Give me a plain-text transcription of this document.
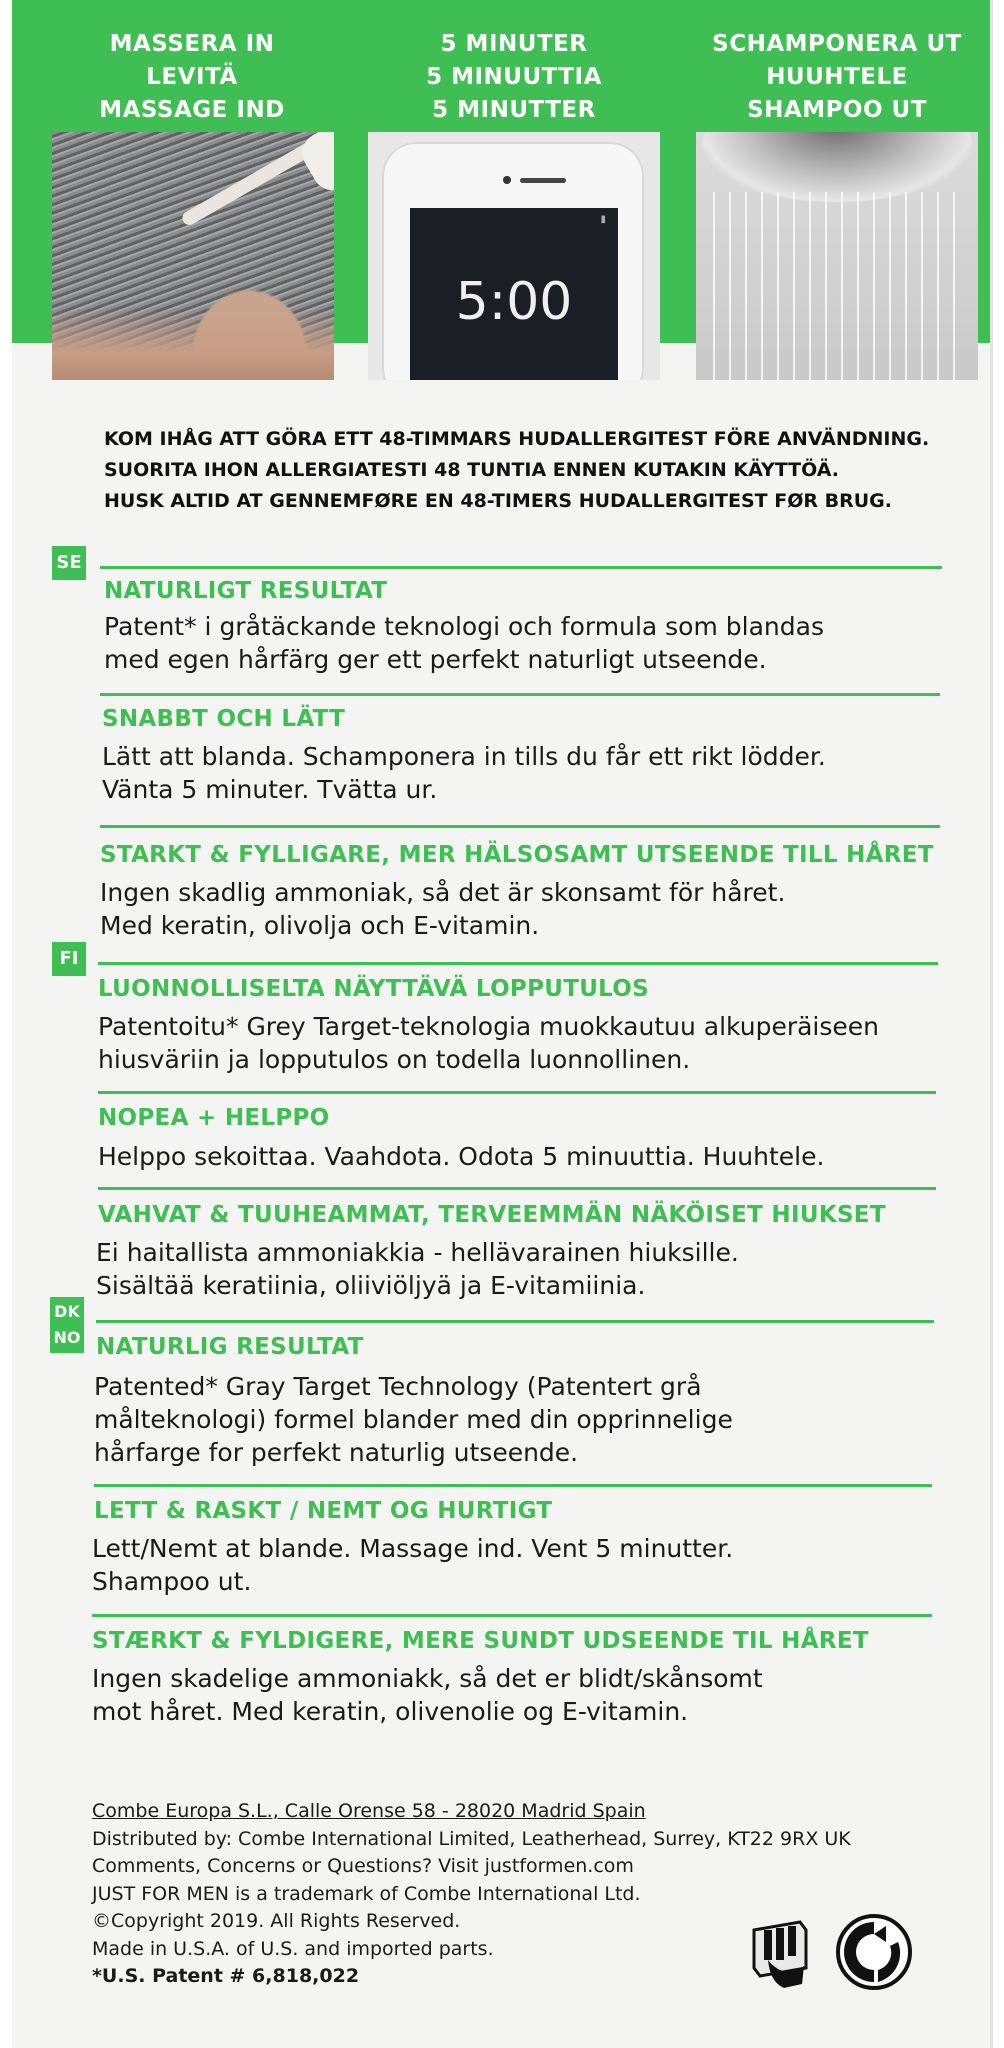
MASSERA IN
LEVITÄ
MASSAGE IND
5 MINUTER
5 MINUUTTIA
5 MINUTTER
SCHAMPONERA UT
HUUHTELE
SHAMPOO UT
▮
5:00
KOM IHÅG ATT GÖRA ETT 48-TIMMARS HUDALLERGITEST FÖRE ANVÄNDNING.
SUORITA IHON ALLERGIATESTI 48 TUNTIA ENNEN KUTAKIN KÄYTTÖÄ.
HUSK ALTID AT GENNEMFØRE EN 48-TIMERS HUDALLERGITEST FØR BRUG.
SE
NATURLIGT RESULTAT
Patent* i gråtäckande teknologi och formula som blandas
med egen hårfärg ger ett perfekt naturligt utseende.
SNABBT OCH LÄTT
Lätt att blanda. Schamponera in tills du får ett rikt lödder.
Vänta 5 minuter. Tvätta ur.
STARKT & FYLLIGARE, MER HÄLSOSAMT UTSEENDE TILL HÅRET
Ingen skadlig ammoniak, så det är skonsamt för håret.
Med keratin, olivolja och E-vitamin.
FI
LUONNOLLISELTA NÄYTTÄVÄ LOPPUTULOS
Patentoitu* Grey Target-teknologia muokkautuu alkuperäiseen
hiusväriin ja lopputulos on todella luonnollinen.
NOPEA + HELPPO
Helppo sekoittaa. Vaahdota. Odota 5 minuuttia. Huuhtele.
VAHVAT & TUUHEAMMAT, TERVEEMMÄN NÄKÖISET HIUKSET
Ei haitallista ammoniakkia - hellävarainen hiuksille.
Sisältää keratiinia, oliiviöljyä ja E-vitamiinia.
DK
NO NATURLIG RESULTAT
Patented* Gray Target Technology (Patentert grå
målteknologi) formel blander med din opprinnelige
hårfarge for perfekt naturlig utseende.
LETT & RASKT / NEMT OG HURTIGT
Lett/Nemt at blande. Massage ind. Vent 5 minutter.
Shampoo ut.
STÆRKT & FYLDIGERE, MERE SUNDT UDSEENDE TIL HÅRET
Ingen skadelige ammoniakk, så det er blidt/skånsomt
mot håret. Med keratin, olivenolie og E-vitamin.
Combe Europa S.L., Calle Orense 58 - 28020 Madrid Spain
Distributed by: Combe International Limited, Leatherhead, Surrey, KT22 9RX UK
Comments, Concerns or Questions? Visit justformen.com
JUST FOR MEN is a trademark of Combe International Ltd.
©Copyright 2019. All Rights Reserved.
Made in U.S.A. of U.S. and imported parts.
*U.S. Patent # 6,818,022
